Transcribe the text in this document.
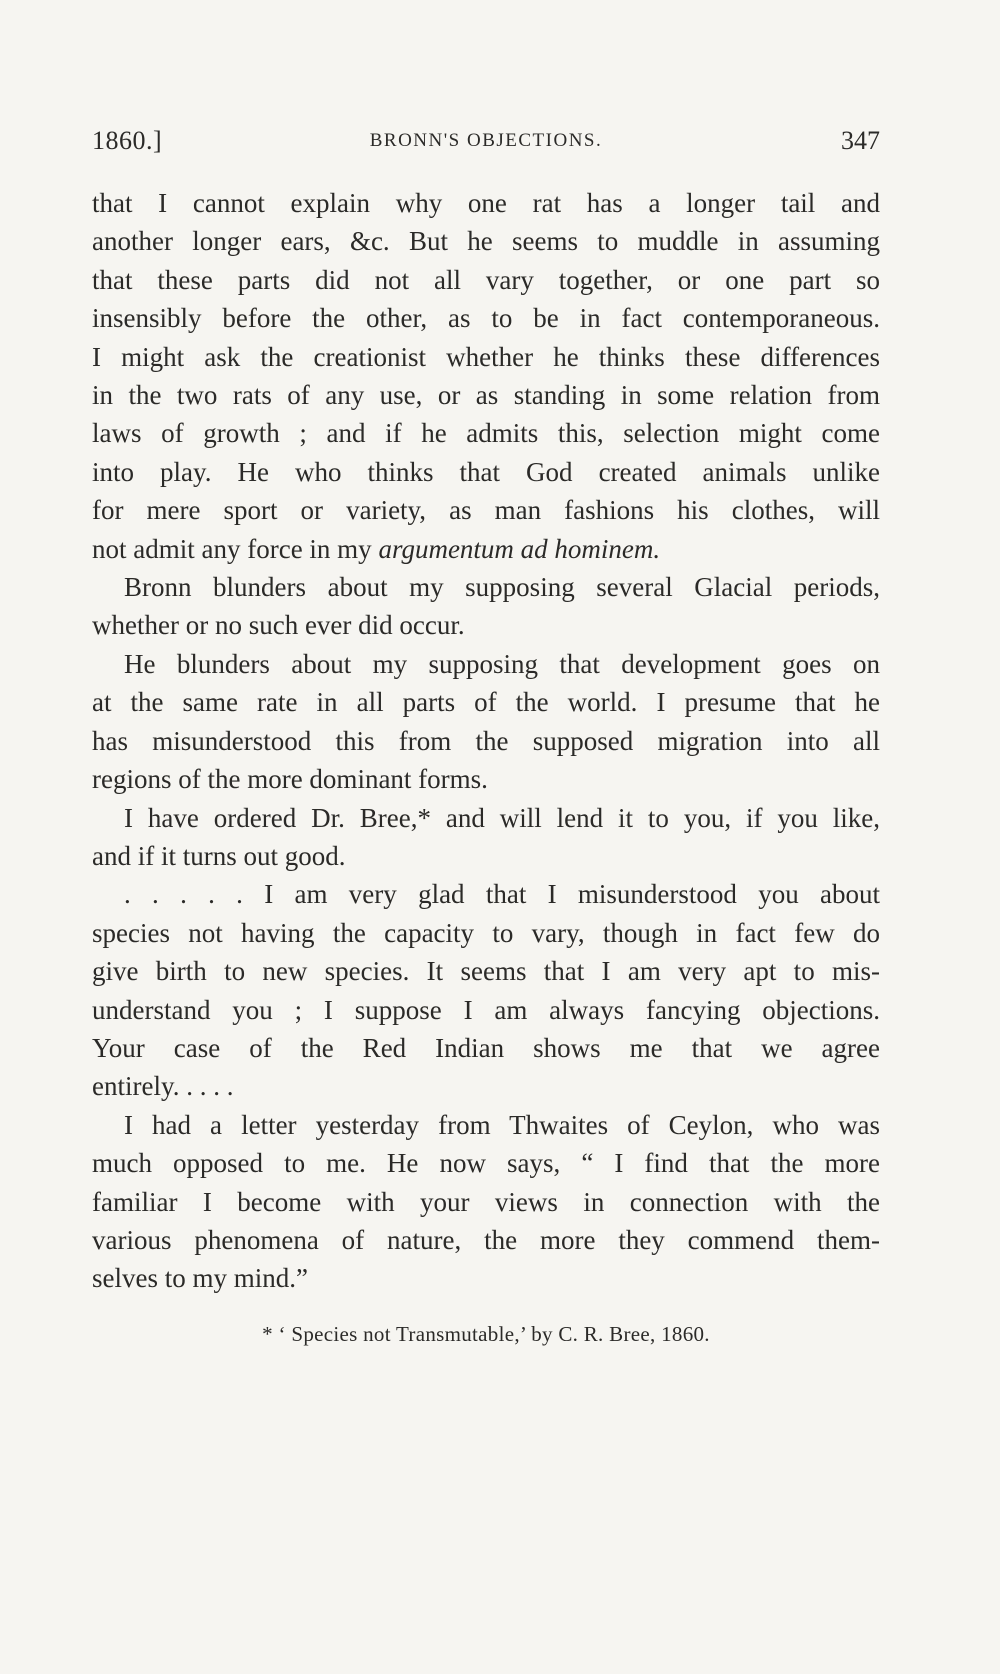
1860.]	BRONN'S OBJECTIONS.	347

that I cannot explain why one rat has a longer tail and
another longer ears, &c. But he seems to muddle in assuming
that these parts did not all vary together, or one part so
insensibly before the other, as to be in fact contemporaneous.
I might ask the creationist whether he thinks these differences
in the two rats of any use, or as standing in some relation from
laws of growth ; and if he admits this, selection might come
into play. He who thinks that God created animals unlike
for mere sport or variety, as man fashions his clothes, will
not admit any force in my argumentum ad hominem.

Bronn blunders about my supposing several Glacial periods,
whether or no such ever did occur.

He blunders about my supposing that development goes on
at the same rate in all parts of the world. I presume that he
has misunderstood this from the supposed migration into all
regions of the more dominant forms.

I have ordered Dr. Bree,* and will lend it to you, if you like,
and if it turns out good.

. . . . . I am very glad that I misunderstood you about
species not having the capacity to vary, though in fact few do
give birth to new species. It seems that I am very apt to mis-
understand you ; I suppose I am always fancying objections.
Your case of the Red Indian shows me that we agree
entirely. . . . .

I had a letter yesterday from Thwaites of Ceylon, who was
much opposed to me. He now says, “ I find that the more
familiar I become with your views in connection with the
various phenomena of nature, the more they commend them-
selves to my mind.”

* ‘ Species not Transmutable,’ by C. R. Bree, 1860.
